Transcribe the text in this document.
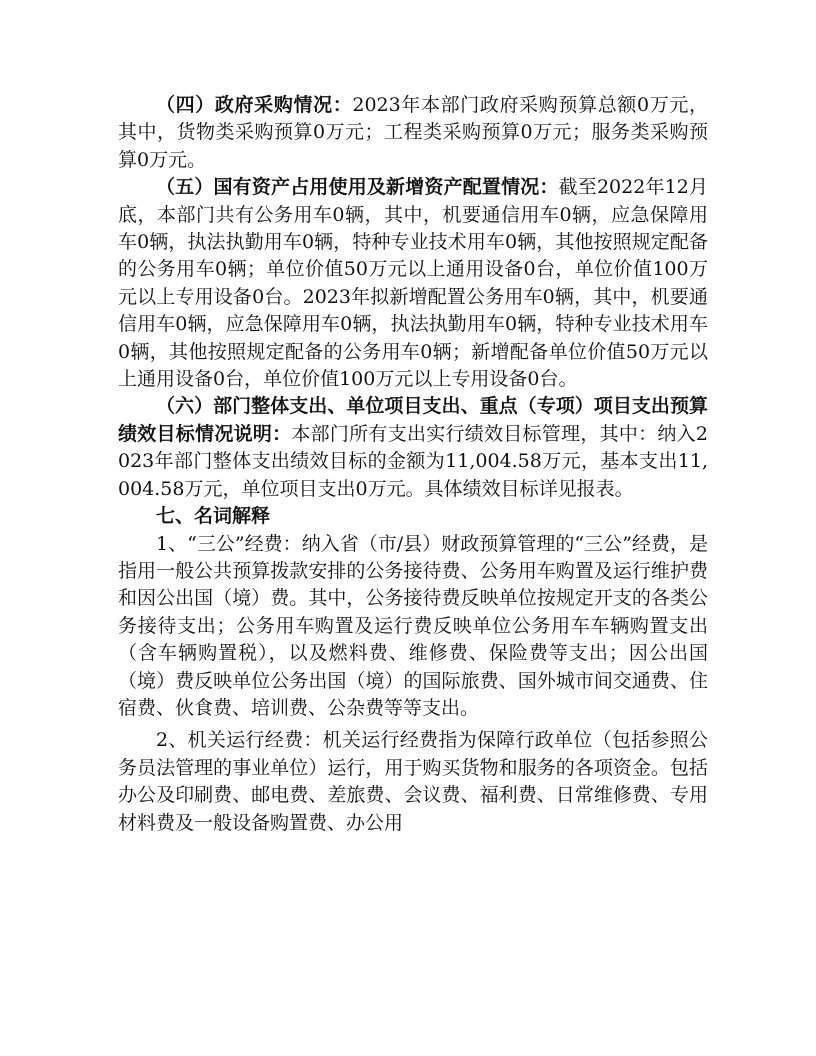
（四）政府采购情况：2023年本部门政府采购预算总额0万元，其中，货物类采购预算0万元；工程类采购预算0万元；服务类采购预算0万元。

（五）国有资产占用使用及新增资产配置情况：截至2022年12月底，本部门共有公务用车0辆，其中，机要通信用车0辆，应急保障用车0辆，执法执勤用车0辆，特种专业技术用车0辆，其他按照规定配备的公务用车0辆；单位价值50万元以上通用设备0台，单位价值100万元以上专用设备0台。2023年拟新增配置公务用车0辆，其中，机要通信用车0辆，应急保障用车0辆，执法执勤用车0辆，特种专业技术用车0辆，其他按照规定配备的公务用车0辆；新增配备单位价值50万元以上通用设备0台，单位价值100万元以上专用设备0台。

（六）部门整体支出、单位项目支出、重点（专项）项目支出预算绩效目标情况说明：本部门所有支出实行绩效目标管理，其中：纳入2023年部门整体支出绩效目标的金额为11,004.58万元，基本支出11,004.58万元，单位项目支出0万元。具体绩效目标详见报表。

七、名词解释

1、“三公”经费：纳入省（市/县）财政预算管理的“三公”经费，是指用一般公共预算拨款安排的公务接待费、公务用车购置及运行维护费和因公出国（境）费。其中，公务接待费反映单位按规定开支的各类公务接待支出；公务用车购置及运行费反映单位公务用车车辆购置支出（含车辆购置税），以及燃料费、维修费、保险费等支出；因公出国（境）费反映单位公务出国（境）的国际旅费、国外城市间交通费、住宿费、伙食费、培训费、公杂费等等支出。

2、机关运行经费：机关运行经费指为保障行政单位（包括参照公务员法管理的事业单位）运行，用于购买货物和服务的各项资金。包括办公及印刷费、邮电费、差旅费、会议费、福利费、日常维修费、专用材料费及一般设备购置费、办公用
